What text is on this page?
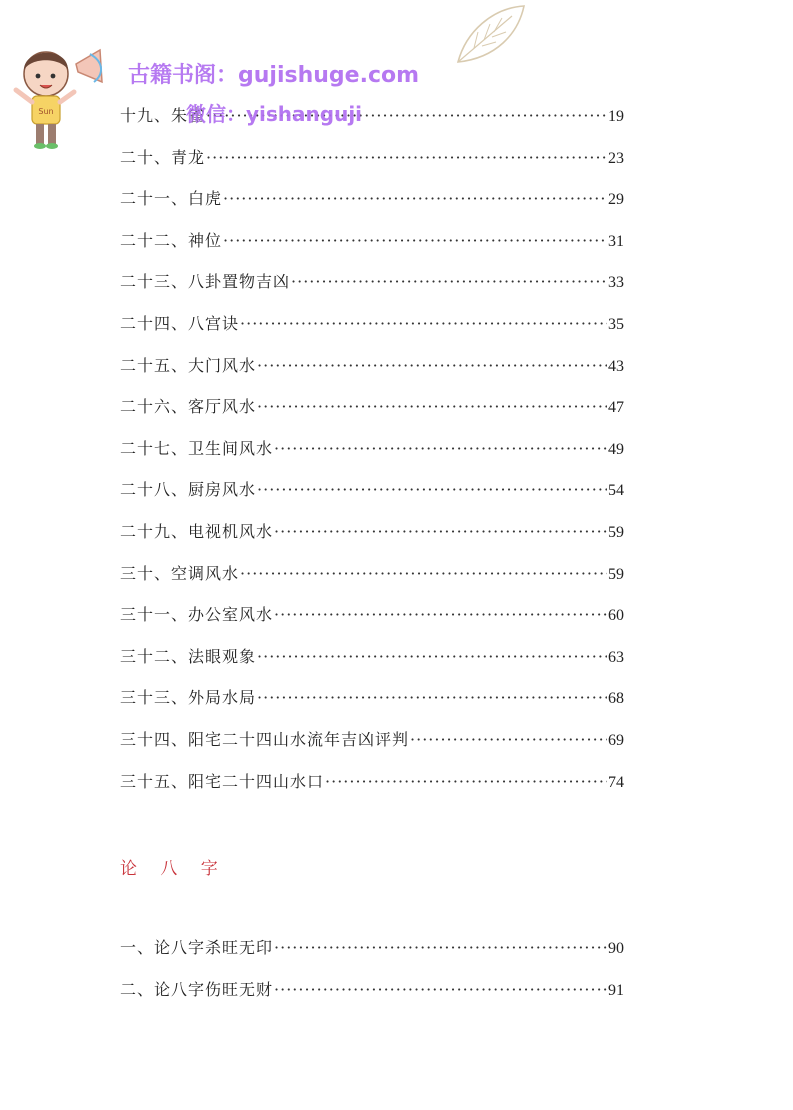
十九、朱雀 ·····	19
二十、青龙 ·····	23
二十一、白虎 ·····	29
二十二、神位 ·····	31
二十三、八卦置物吉凶 ·····	33
二十四、八宫诀 ·····	35
二十五、大门风水 ·····	43
二十六、客厅风水 ·····	47
二十七、卫生间风水 ·····	49
二十八、厨房风水 ·····	54
二十九、电视机风水 ·····	59
三十、空调风水 ·····	59
三十一、办公室风水 ·····	60
三十二、法眼观象 ·····	63
三十三、外局水局 ·····	68
三十四、阳宅二十四山水流年吉凶评判 ·····	69
三十五、阳宅二十四山水口 ·····	74
论 八 字
一、论八字杀旺无印 ·····	90
二、论八字伤旺无财 ·····	91
Sun
古籍书阁：gujishuge.com
微信：yishanguji
